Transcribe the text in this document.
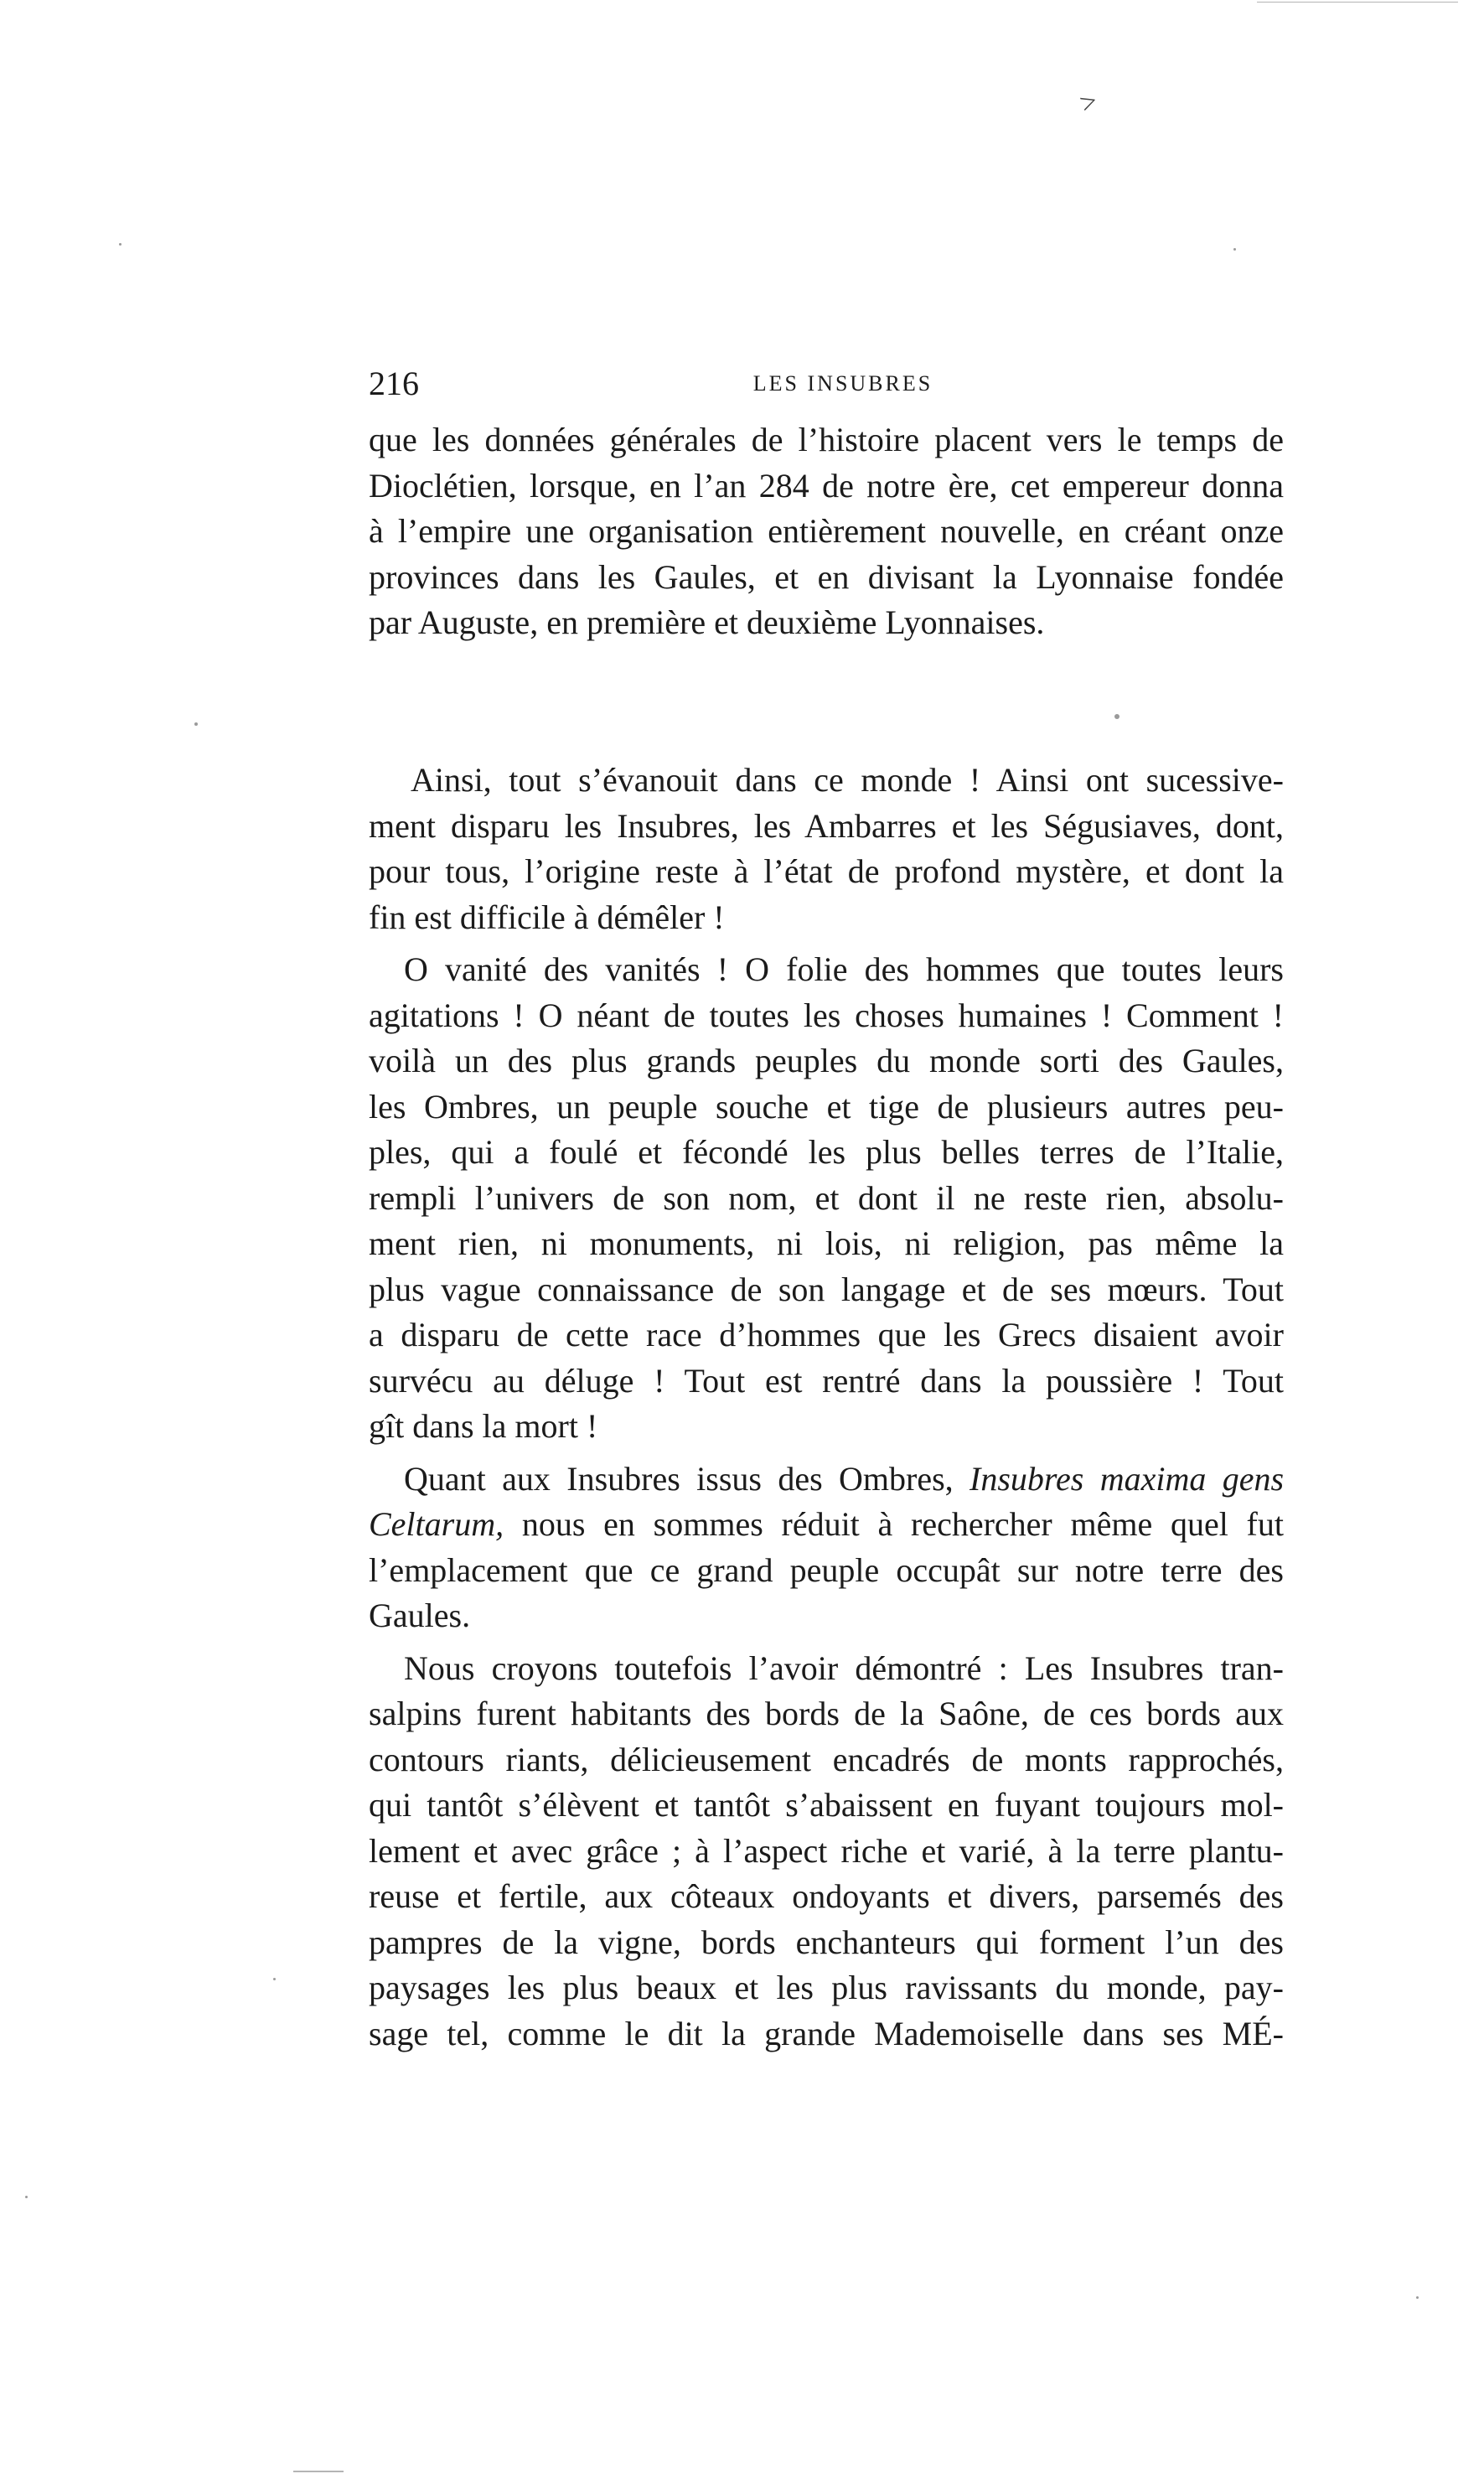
˃
216	LES INSUBRES
que les données générales de l’histoire placent vers le temps de
Dioclétien, lorsque, en l’an 284 de notre ère, cet empereur donna
à l’empire une organisation entièrement nouvelle, en créant onze
provinces dans les Gaules, et en divisant la Lyonnaise fondée
par Auguste, en première et deuxième Lyonnaises.
Ainsi, tout s’évanouit dans ce monde ! Ainsi ont sucessive-
ment disparu les Insubres, les Ambarres et les Ségusiaves, dont,
pour tous, l’origine reste à l’état de profond mystère, et dont la
fin est difficile à démêler !
O vanité des vanités ! O folie des hommes que toutes leurs
agitations ! O néant de toutes les choses humaines ! Comment !
voilà un des plus grands peuples du monde sorti des Gaules,
les Ombres, un peuple souche et tige de plusieurs autres peu-
ples, qui a foulé et fécondé les plus belles terres de l’Italie,
rempli l’univers de son nom, et dont il ne reste rien, absolu-
ment rien, ni monuments, ni lois, ni religion, pas même la
plus vague connaissance de son langage et de ses mœurs. Tout
a disparu de cette race d’hommes que les Grecs disaient avoir
survécu au déluge ! Tout est rentré dans la poussière ! Tout
gît dans la mort !
Quant aux Insubres issus des Ombres, Insubres maxima gens
Celtarum, nous en sommes réduit à rechercher même quel fut
l’emplacement que ce grand peuple occupât sur notre terre des
Gaules.
Nous croyons toutefois l’avoir démontré : Les Insubres tran-
salpins furent habitants des bords de la Saône, de ces bords aux
contours riants, délicieusement encadrés de monts rapprochés,
qui tantôt s’élèvent et tantôt s’abaissent en fuyant toujours mol-
lement et avec grâce ; à l’aspect riche et varié, à la terre plantu-
reuse et fertile, aux côteaux ondoyants et divers, parsemés des
pampres de la vigne, bords enchanteurs qui forment l’un des
paysages les plus beaux et les plus ravissants du monde, pay-
sage tel, comme le dit la grande Mademoiselle dans ses MÉ-
